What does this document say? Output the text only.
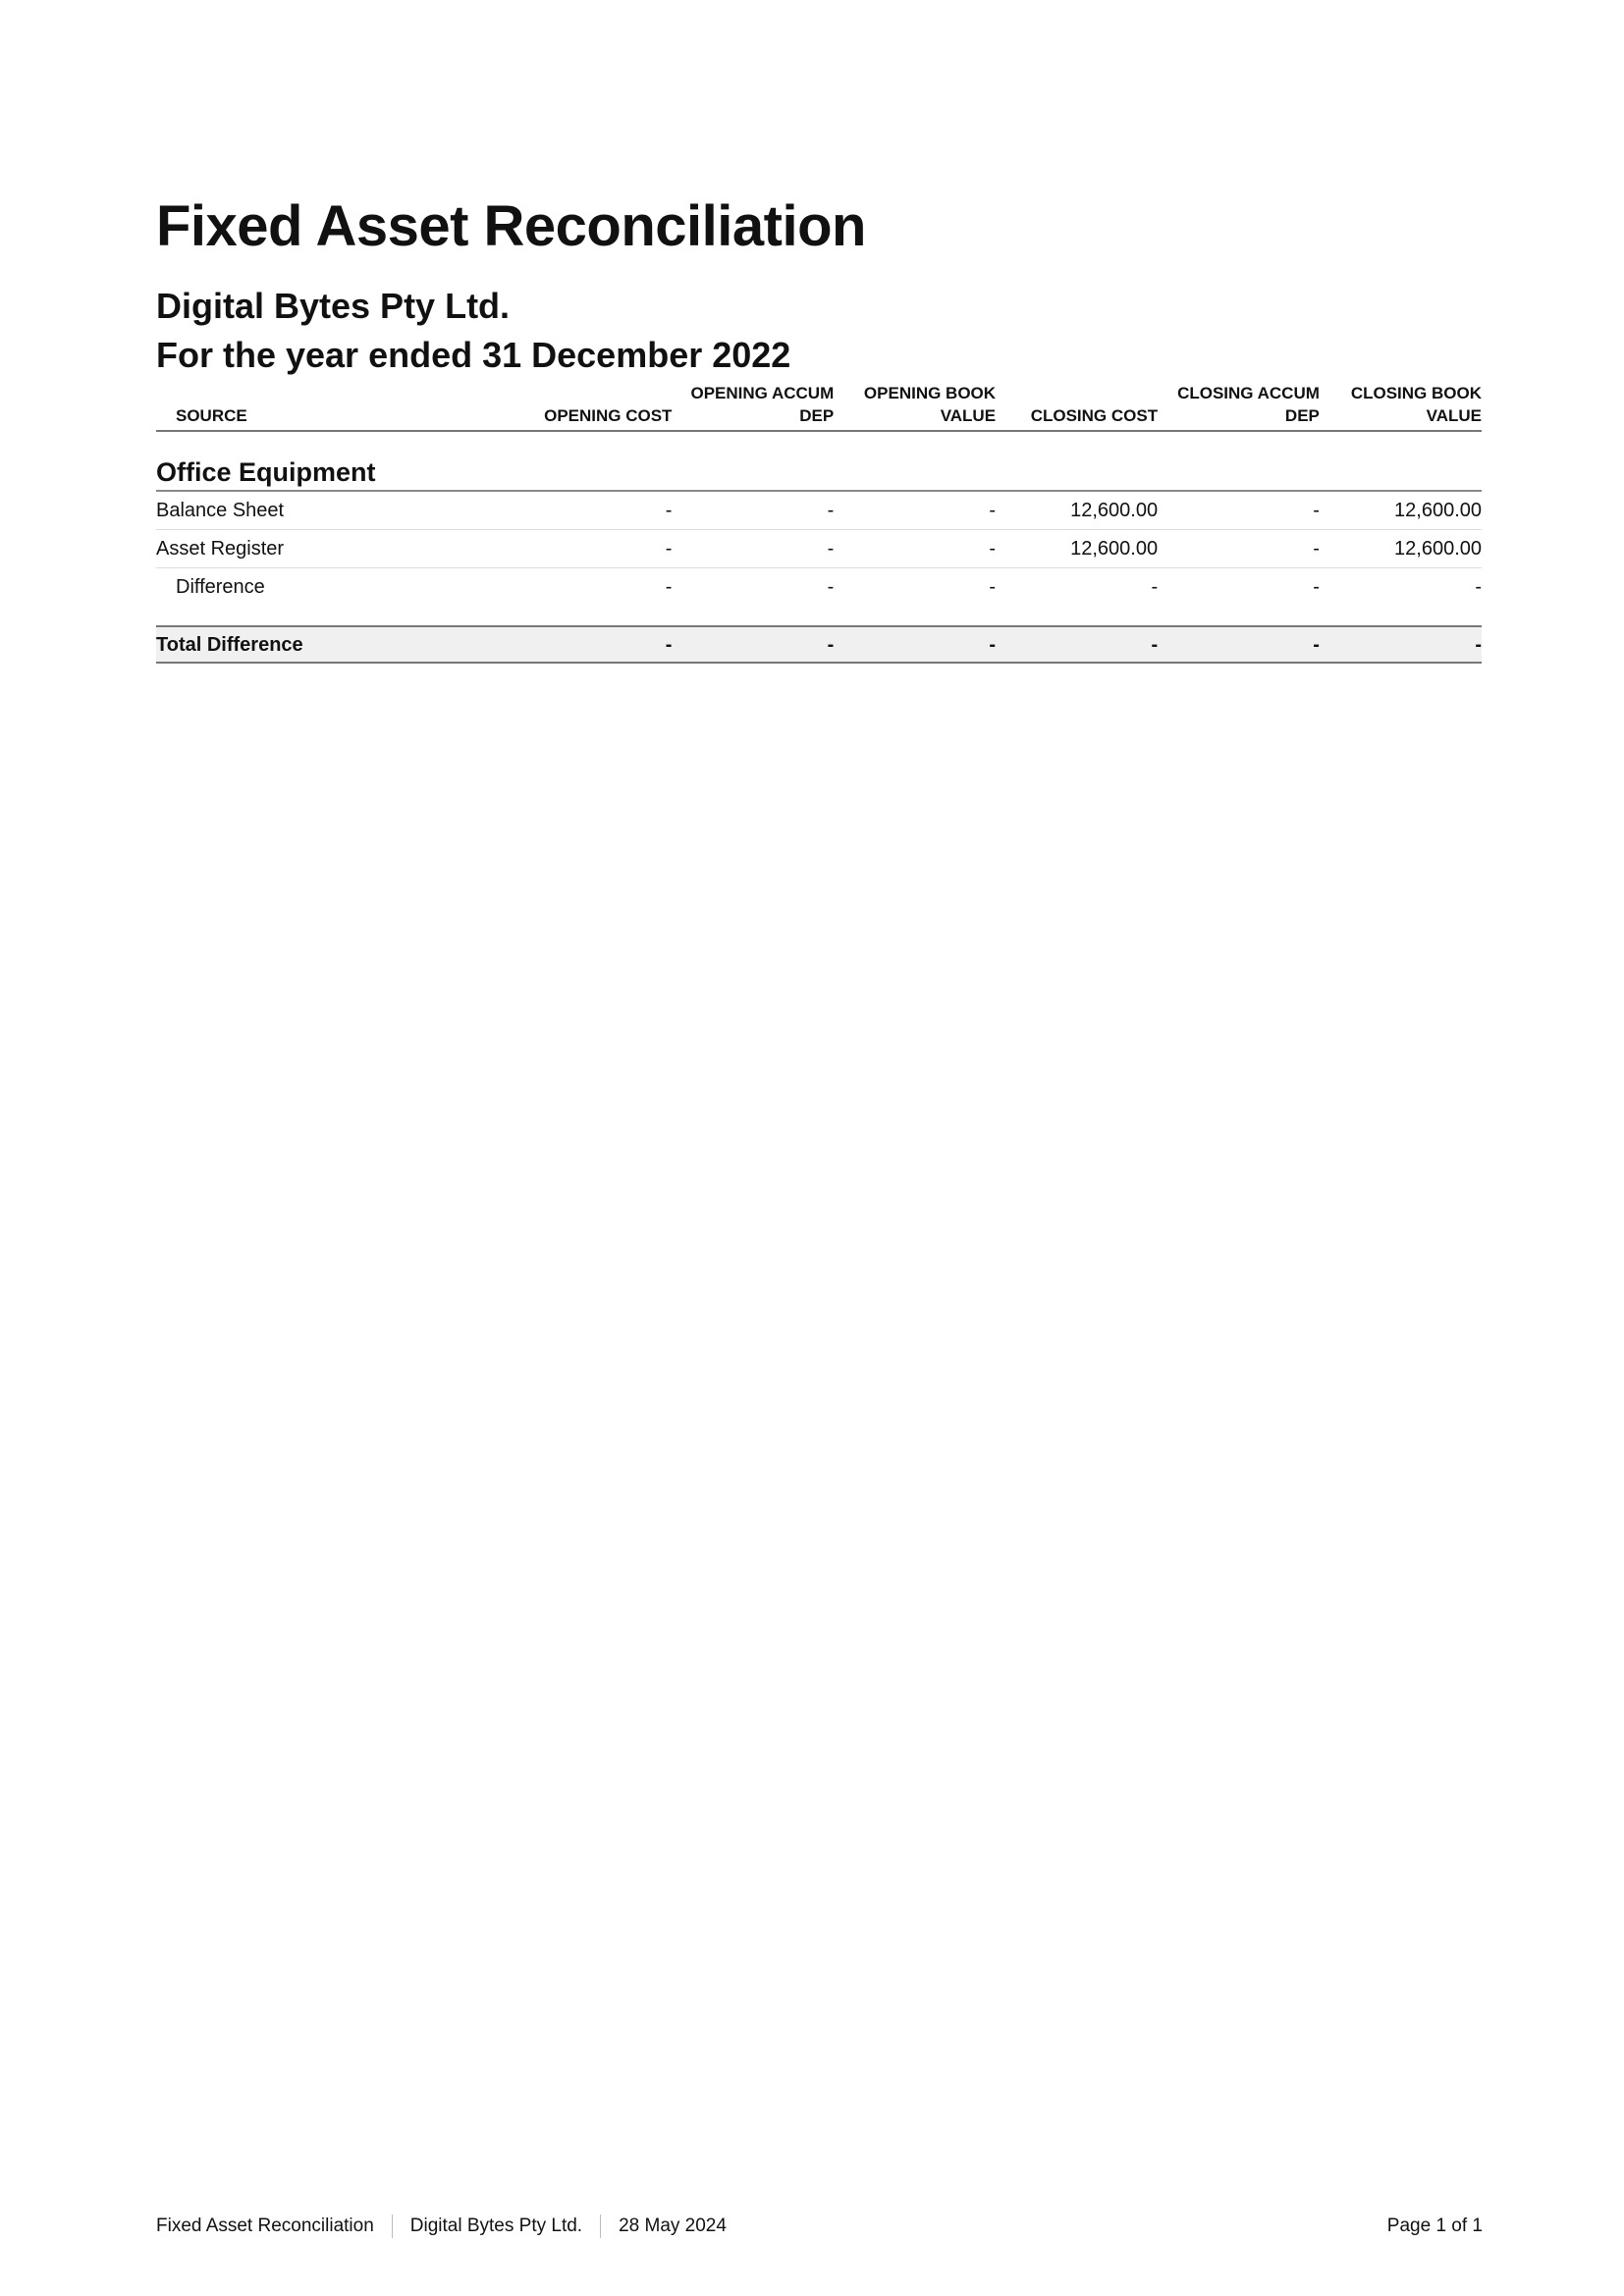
Fixed Asset Reconciliation
Digital Bytes Pty Ltd.
For the year ended 31 December 2022
SOURCE	OPENING COST	OPENING ACCUM DEP	OPENING BOOK VALUE	CLOSING COST	CLOSING ACCUM DEP	CLOSING BOOK VALUE

Office Equipment						
Balance Sheet	-	-	-	12,600.00	-	12,600.00
Asset Register	-	-	-	12,600.00	-	12,600.00
Difference	-	-	-	-	-	-

Total Difference	-	-	-	-	-	-
Fixed Asset Reconciliation	Digital Bytes Pty Ltd.	28 May 2024	Page 1 of 1
